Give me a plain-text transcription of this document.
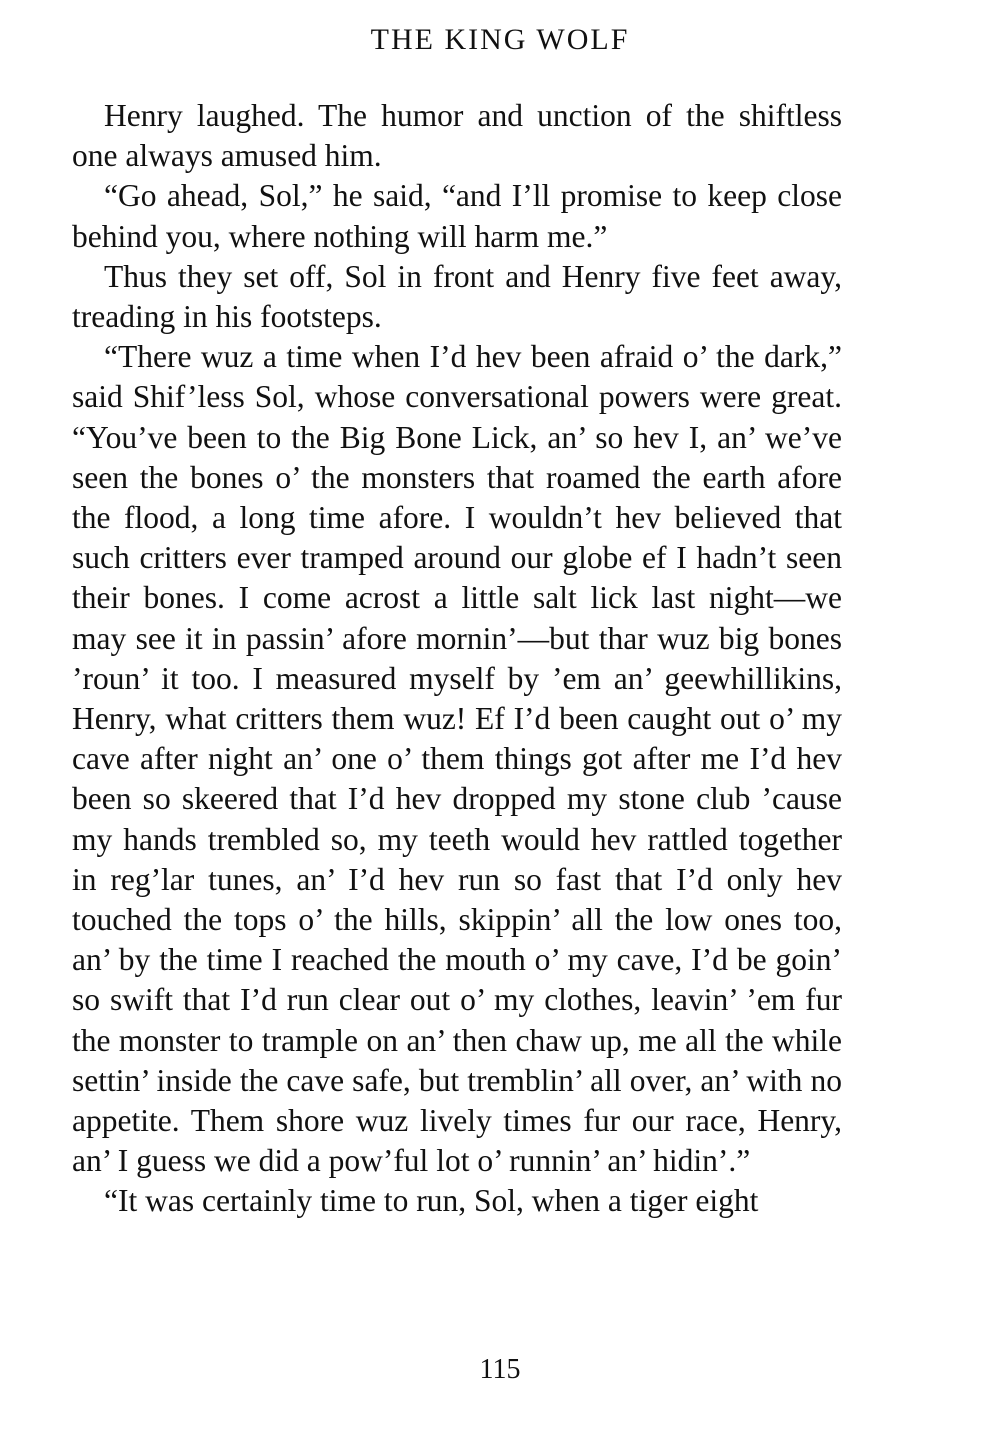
THE KING WOLF

Henry laughed. The humor and unction of the shiftless one always amused him.

“Go ahead, Sol,” he said, “and I’ll promise to keep close behind you, where nothing will harm me.”

Thus they set off, Sol in front and Henry five feet away, treading in his footsteps.

“There wuz a time when I’d hev been afraid o’ the dark,” said Shif’less Sol, whose conversational powers were great. “You’ve been to the Big Bone Lick, an’ so hev I, an’ we’ve seen the bones o’ the monsters that roamed the earth afore the flood, a long time afore. I wouldn’t hev believed that such critters ever tramped around our globe ef I hadn’t seen their bones. I come acrost a little salt lick last night—we may see it in passin’ afore mornin’—but thar wuz big bones ’roun’ it too. I measured myself by ’em an’ geewhillikins, Henry, what critters them wuz! Ef I’d been caught out o’ my cave after night an’ one o’ them things got after me I’d hev been so skeered that I’d hev dropped my stone club ’cause my hands trembled so, my teeth would hev rattled together in reg’lar tunes, an’ I’d hev run so fast that I’d only hev touched the tops o’ the hills, skippin’ all the low ones too, an’ by the time I reached the mouth o’ my cave, I’d be goin’ so swift that I’d run clear out o’ my clothes, leavin’ ’em fur the monster to trample on an’ then chaw up, me all the while settin’ inside the cave safe, but tremblin’ all over, an’ with no appetite. Them shore wuz lively times fur our race, Henry, an’ I guess we did a pow’ful lot o’ runnin’ an’ hidin’.”

“It was certainly time to run, Sol, when a tiger eight

115
